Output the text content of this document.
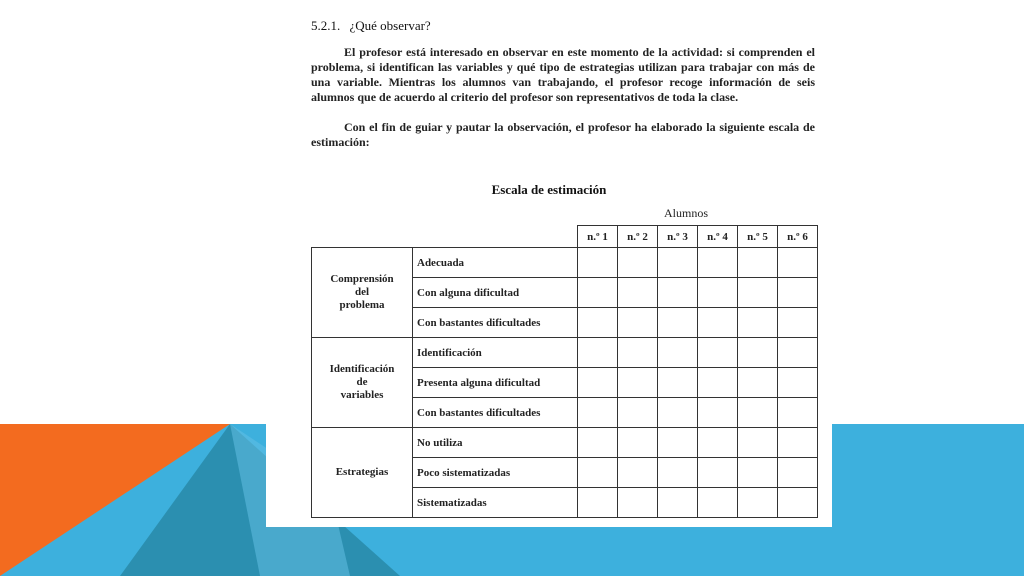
5.2.1. ¿Qué observar?

El profesor está interesado en observar en este momento de la actividad: si comprenden el problema, si identifican las variables y qué tipo de estrategias utilizan para trabajar con más de una variable. Mientras los alumnos van trabajando, el profesor recoge información de seis alumnos que de acuerdo al criterio del profesor son representativos de toda la clase.

Con el fin de guiar y pautar la observación, el profesor ha elaborado la siguiente escala de estimación:

Escala de estimación
Alumnos
		n.º 1	n.º 2	n.º 3	n.º 4	n.º 5	n.º 6
Comprensión
del
problema	Adecuada						
	Con alguna dificultad						
	Con bastantes dificultades						
Identificación
de
variables	Identificación						
	Presenta alguna dificultad						
	Con bastantes dificultades						
Estrategias	No utiliza						
	Poco sistematizadas						
	Sistematizadas						
